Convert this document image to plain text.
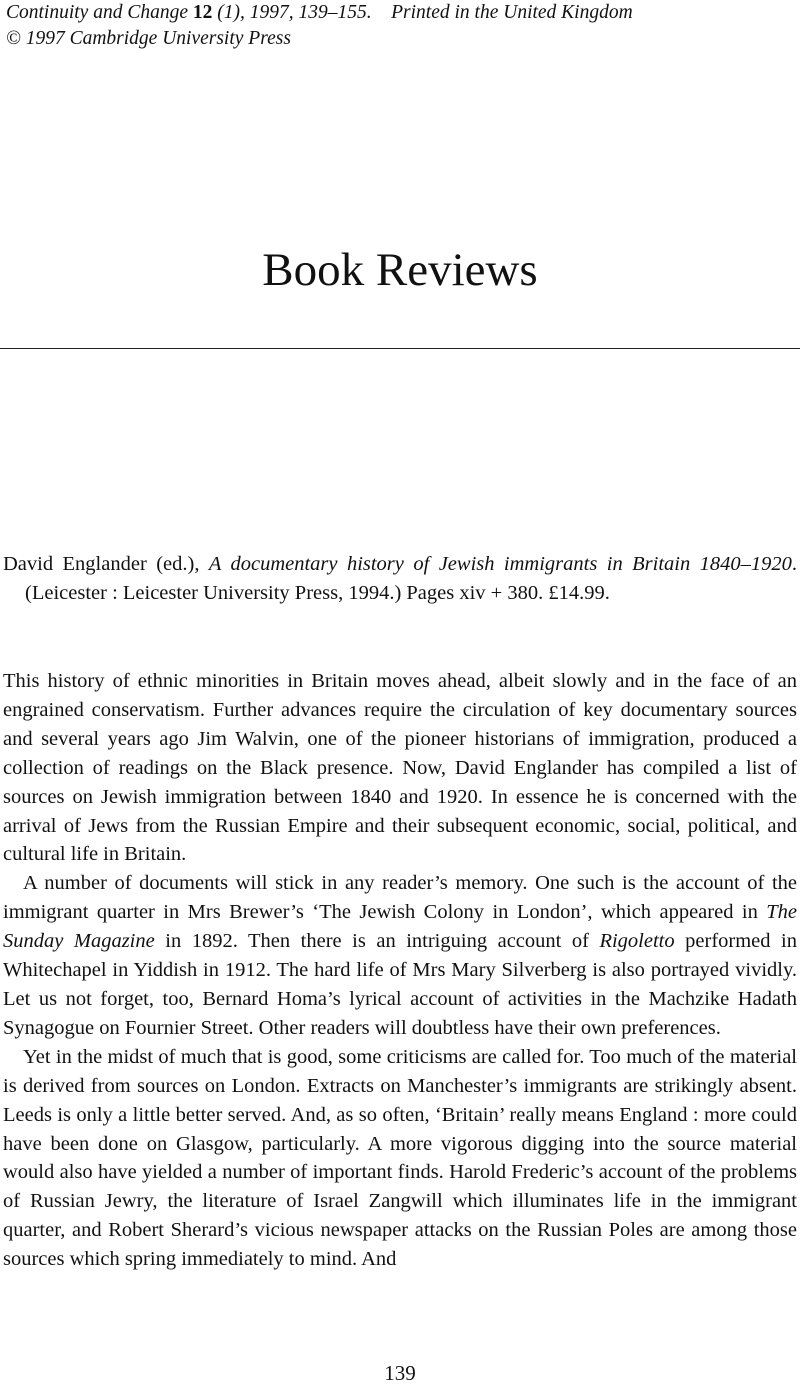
Continuity and Change 12 (1), 1997, 139–155. Printed in the United Kingdom
© 1997 Cambridge University Press
Book Reviews
David Englander (ed.), A documentary history of Jewish immigrants in Britain 1840–1920. (Leicester : Leicester University Press, 1994.) Pages xiv + 380. £14.99.

This history of ethnic minorities in Britain moves ahead, albeit slowly and in the face of an engrained conservatism. Further advances require the circulation of key documentary sources and several years ago Jim Walvin, one of the pioneer historians of immigration, produced a collection of readings on the Black presence. Now, David Englander has compiled a list of sources on Jewish immigration between 1840 and 1920. In essence he is concerned with the arrival of Jews from the Russian Empire and their subsequent economic, social, political, and cultural life in Britain.

A number of documents will stick in any reader’s memory. One such is the account of the immigrant quarter in Mrs Brewer’s ‘The Jewish Colony in London’, which appeared in The Sunday Magazine in 1892. Then there is an intriguing account of Rigoletto performed in Whitechapel in Yiddish in 1912. The hard life of Mrs Mary Silverberg is also portrayed vividly. Let us not forget, too, Bernard Homa’s lyrical account of activities in the Machzike Hadath Synagogue on Fournier Street. Other readers will doubtless have their own preferences.

Yet in the midst of much that is good, some criticisms are called for. Too much of the material is derived from sources on London. Extracts on Manchester’s immigrants are strikingly absent. Leeds is only a little better served. And, as so often, ‘Britain’ really means England : more could have been done on Glasgow, particularly. A more vigorous digging into the source material would also have yielded a number of important finds. Harold Frederic’s account of the problems of Russian Jewry, the literature of Israel Zangwill which illuminates life in the immigrant quarter, and Robert Sherard’s vicious newspaper attacks on the Russian Poles are among those sources which spring immediately to mind. And

139
